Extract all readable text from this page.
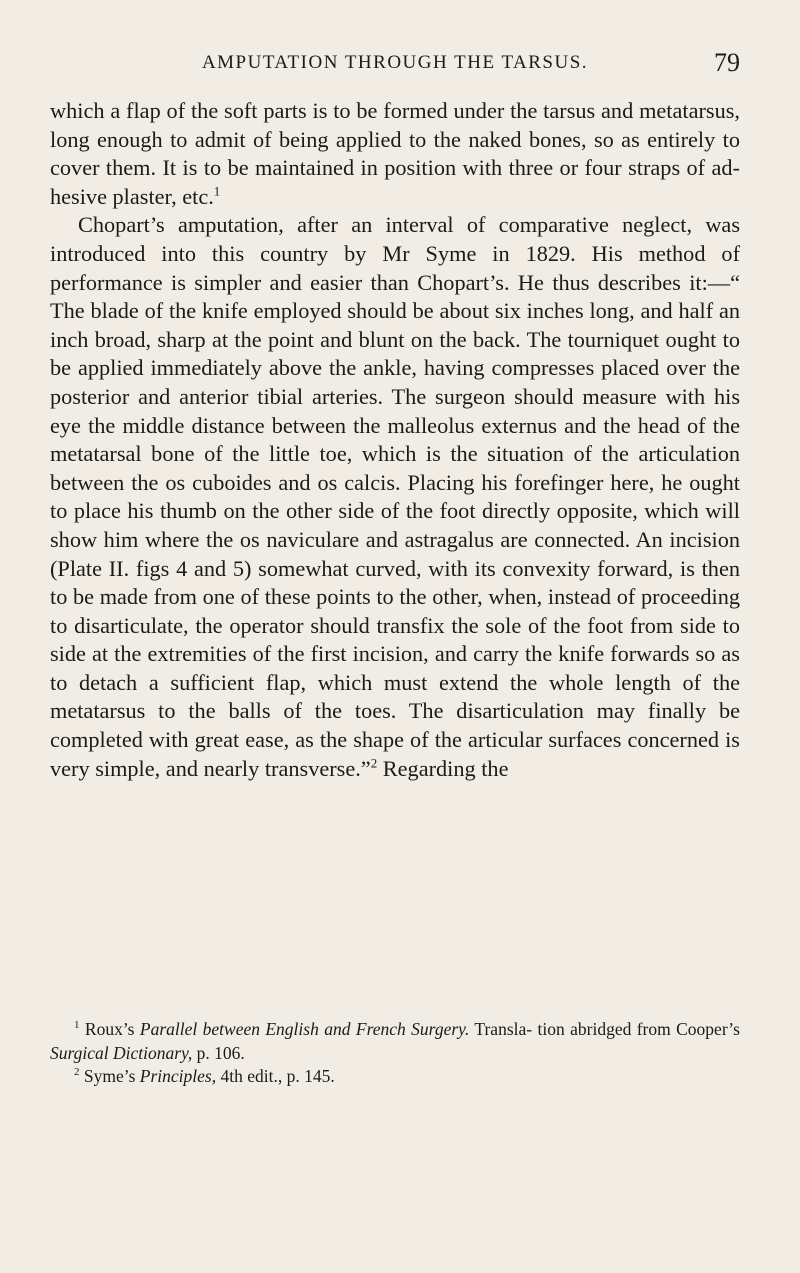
AMPUTATION THROUGH THE TARSUS.	79

which a flap of the soft parts is to be formed under the tarsus and metatarsus, long enough to admit of being applied to the naked bones, so as entirely to cover them. It is to be maintained in position with three or four straps of ad- hesive plaster, etc.$^1$

Chopart’s amputation, after an interval of comparative neglect, was introduced into this country by Mr Syme in 1829. His method of performance is simpler and easier than Chopart’s. He thus describes it:—“ The blade of the knife employed should be about six inches long, and half an inch broad, sharp at the point and blunt on the back. The tourniquet ought to be applied immediately above the ankle, having compresses placed over the posterior and anterior tibial arteries. The surgeon should measure with his eye the middle distance between the malleolus externus and the head of the metatarsal bone of the little toe, which is the situation of the articulation between the os cuboides and os calcis. Placing his forefinger here, he ought to place his thumb on the other side of the foot directly opposite, which will show him where the os naviculare and astragalus are connected. An incision (Plate II. figs 4 and 5) somewhat curved, with its convexity forward, is then to be made from one of these points to the other, when, instead of proceeding to disarticulate, the operator should transfix the sole of the foot from side to side at the extremities of the first incision, and carry the knife forwards so as to detach a sufficient flap, which must extend the whole length of the metatarsus to the balls of the toes. The disarticulation may finally be completed with great ease, as the shape of the articular surfaces concerned is very simple, and nearly transverse.”$^2$ Regarding the

$^1$ Roux’s Parallel between English and French Surgery. Transla- tion abridged from Cooper’s Surgical Dictionary, p. 106.

$^2$ Syme’s Principles, 4th edit., p. 145.
